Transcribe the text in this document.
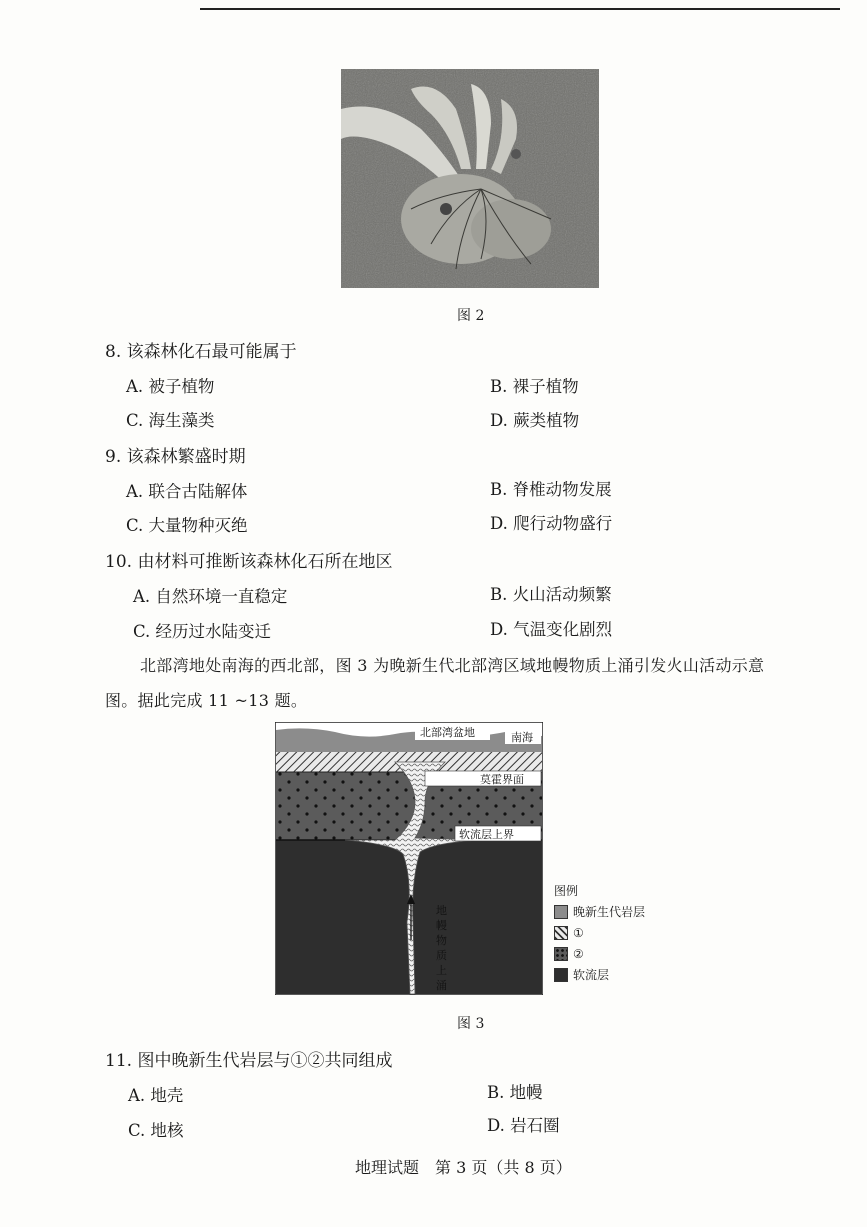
图 2
8. 该森林化石最可能属于
A. 被子植物	B. 裸子植物
C. 海生藻类	D. 蕨类植物
9. 该森林繁盛时期
A. 联合古陆解体	B. 脊椎动物发展
C. 大量物种灭绝	D. 爬行动物盛行
10. 由材料可推断该森林化石所在地区
A. 自然环境一直稳定	B. 火山活动频繁
C. 经历过水陆变迁	D. 气温变化剧烈
北部湾地处南海的西北部，图 3 为晚新生代北部湾区域地幔物质上涌引发火山活动示意
图。据此完成 11 ~13 题。
北部湾盆地	南海
莫霍界面
软流层上界
地
幔
物
质
上
涌
图例
晚新生代岩层
①
②
软流层
图 3
11. 图中晚新生代岩层与①②共同组成
A. 地壳	B. 地幔
C. 地核	D. 岩石圈
地理试题　第 3 页（共 8 页）
